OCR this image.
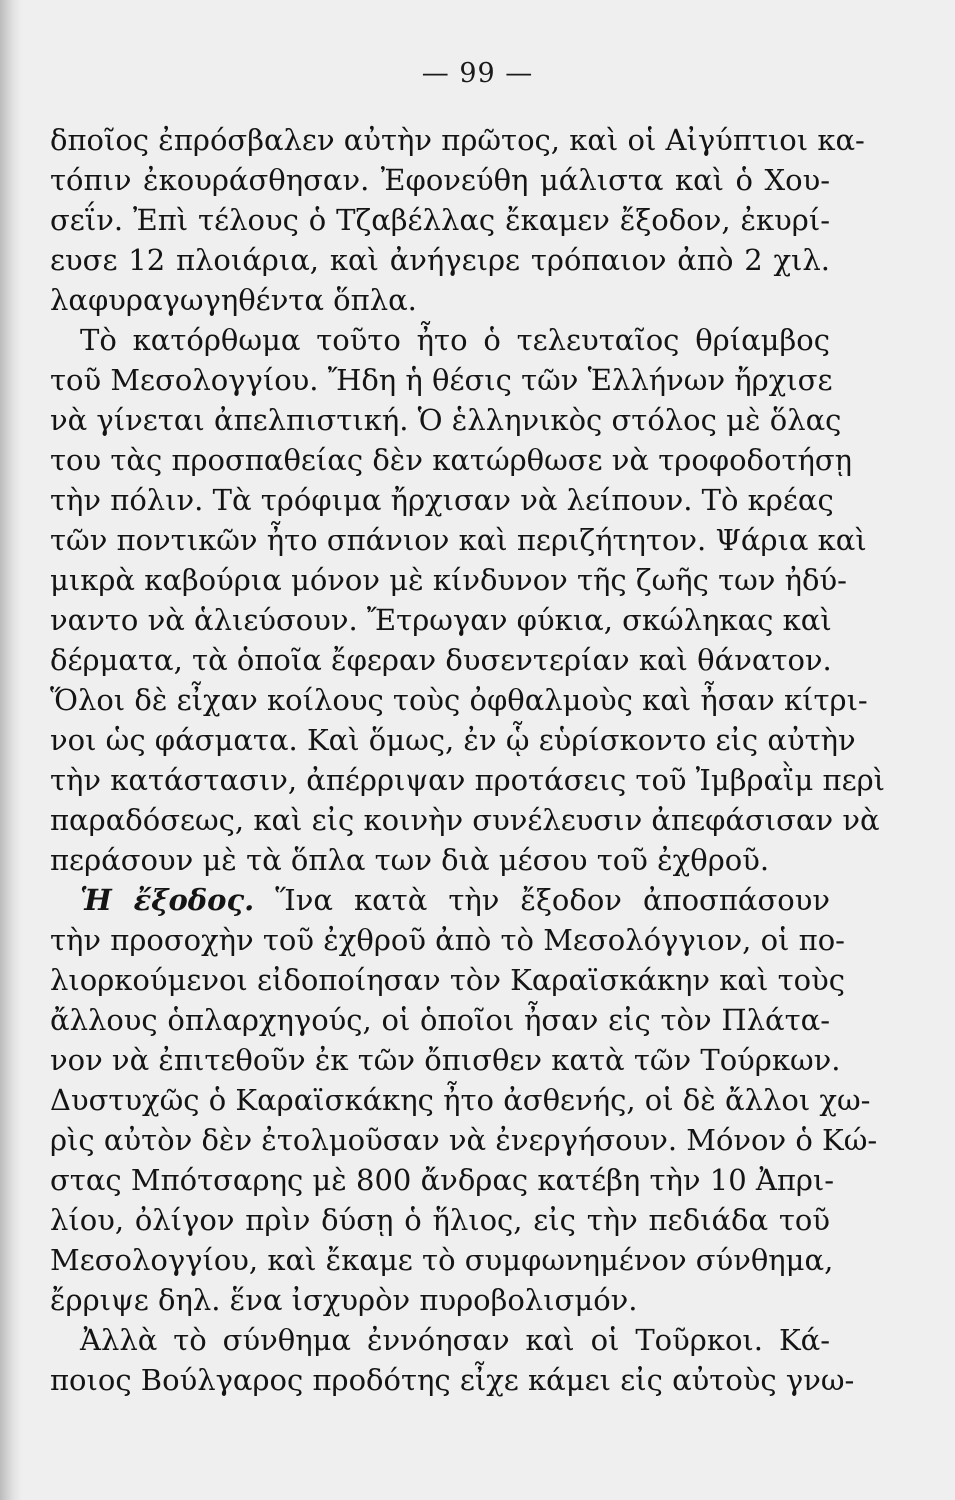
— 99 —
δποῖος ἐπρόσβαλεν αὐτὴν πρῶτος, καὶ οἱ Αἰγύπτιοι κα-
τόπιν ἐκουράσθησαν. Ἐφονεύθη μάλιστα καὶ ὁ Χου-
σεΐν. Ἐπὶ τέλους ὁ Τζαβέλλας ἔκαμεν ἔξοδον, ἐκυρί-
ευσε 12 πλοιάρια, καὶ ἀνήγειρε τρόπαιον ἀπὸ 2 χιλ.
λαφυραγωγηθέντα ὅπλα.
Τὸ κατόρθωμα τοῦτο ἦτο ὁ τελευταῖος θρίαμβος
τοῦ Μεσολογγίου. Ἤδη ἡ θέσις τῶν Ἑλλήνων ἤρχισε
νὰ γίνεται ἀπελπιστική. Ὁ ἑλληνικὸς στόλος μὲ ὅλας
του τὰς προσπαθείας δὲν κατώρθωσε νὰ τροφοδοτήσῃ
τὴν πόλιν. Τὰ τρόφιμα ἤρχισαν νὰ λείπουν. Τὸ κρέας
τῶν ποντικῶν ἦτο σπάνιον καὶ περιζήτητον. Ψάρια καὶ
μικρὰ καβούρια μόνον μὲ κίνδυνον τῆς ζωῆς των ἠδύ-
ναντο νὰ ἁλιεύσουν. Ἔτρωγαν φύκια, σκώληκας καὶ
δέρματα, τὰ ὁποῖα ἔφεραν δυσεντερίαν καὶ θάνατον.
Ὅλοι δὲ εἶχαν κοίλους τοὺς ὀφθαλμοὺς καὶ ἦσαν κίτρι-
νοι ὡς φάσματα. Καὶ ὅμως, ἐν ᾧ εὑρίσκοντο εἰς αὐτὴν
τὴν κατάστασιν, ἀπέρριψαν προτάσεις τοῦ Ἰμβραῒμ περὶ
παραδόσεως, καὶ εἰς κοινὴν συνέλευσιν ἀπεφάσισαν νὰ
περάσουν μὲ τὰ ὅπλα των διὰ μέσου τοῦ ἐχθροῦ.
Ἡ ἔξοδος. Ἵνα κατὰ τὴν ἔξοδον ἀποσπάσουν
τὴν προσοχὴν τοῦ ἐχθροῦ ἀπὸ τὸ Μεσολόγγιον, οἱ πο-
λιορκούμενοι εἰδοποίησαν τὸν Καραϊσκάκην καὶ τοὺς
ἄλλους ὁπλαρχηγούς, οἱ ὁποῖοι ἦσαν εἰς τὸν Πλάτα-
νον νὰ ἐπιτεθοῦν ἐκ τῶν ὄπισθεν κατὰ τῶν Τούρκων.
Δυστυχῶς ὁ Καραϊσκάκης ἦτο ἀσθενής, οἱ δὲ ἄλλοι χω-
ρὶς αὐτὸν δὲν ἐτολμοῦσαν νὰ ἐνεργήσουν. Μόνον ὁ Κώ-
στας Μπότσαρης μὲ 800 ἄνδρας κατέβη τὴν 10 Ἀπρι-
λίου, ὀλίγον πρὶν δύσῃ ὁ ἥλιος, εἰς τὴν πεδιάδα τοῦ
Μεσολογγίου, καὶ ἔκαμε τὸ συμφωνημένον σύνθημα,
ἔρριψε δηλ. ἕνα ἰσχυρὸν πυροβολισμόν.
Ἀλλὰ τὸ σύνθημα ἐννόησαν καὶ οἱ Τοῦρκοι. Κά-
ποιος Βούλγαρος προδότης εἶχε κάμει εἰς αὐτοὺς γνω-
